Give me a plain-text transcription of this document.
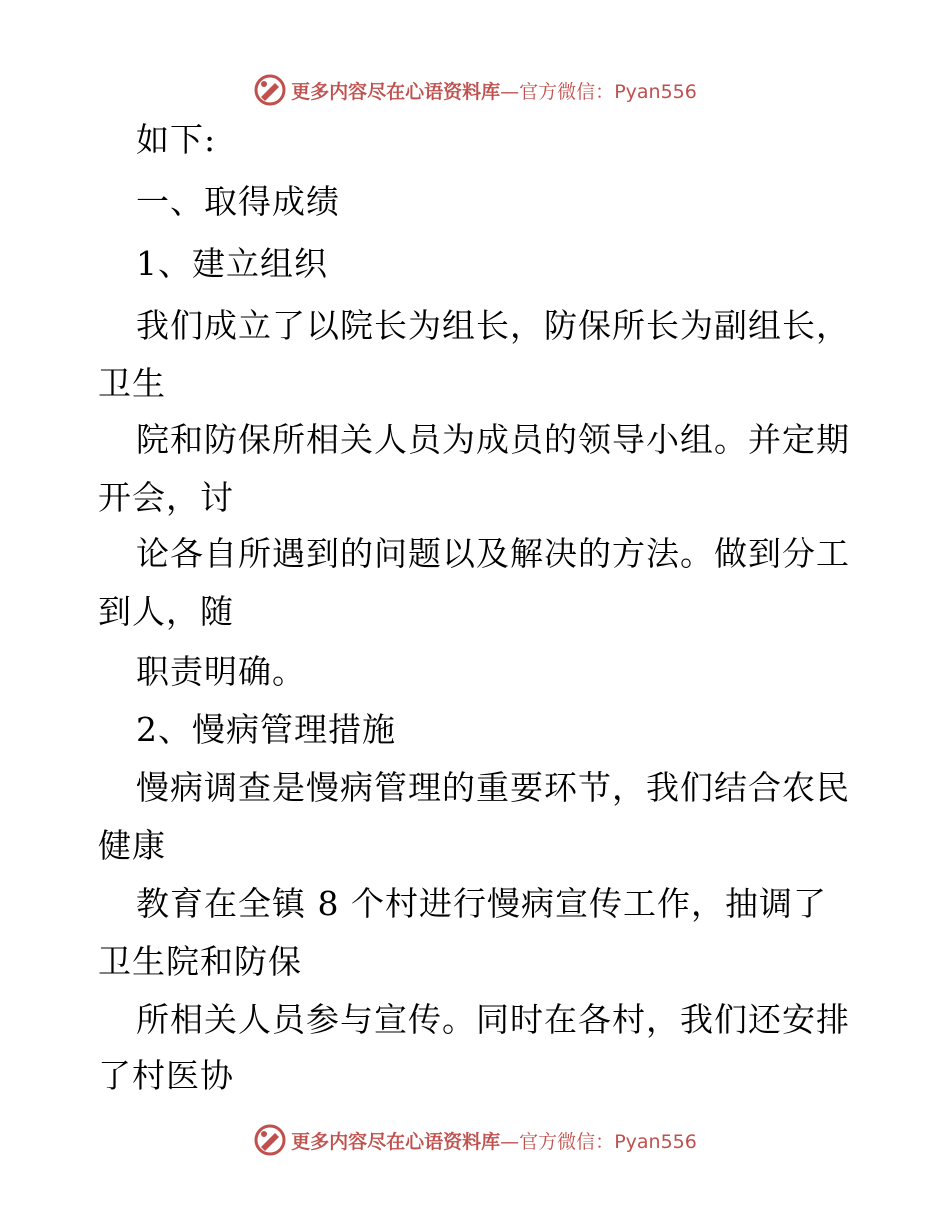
更多内容尽在心语资料库—官方微信：Pyan556
如下:
一、取得成绩
1、建立组织
我们成立了以院长为组长，防保所长为副组长，
卫生
院和防保所相关人员为成员的领导小组。并定期
开会，讨
论各自所遇到的问题以及解决的方法。做到分工
到人，随
职责明确。
2、慢病管理措施
慢病调查是慢病管理的重要环节，我们结合农民
健康
教育在全镇 8 个村进行慢病宣传工作，抽调了
卫生院和防保
所相关人员参与宣传。同时在各村，我们还安排
了村医协
更多内容尽在心语资料库—官方微信：Pyan556
